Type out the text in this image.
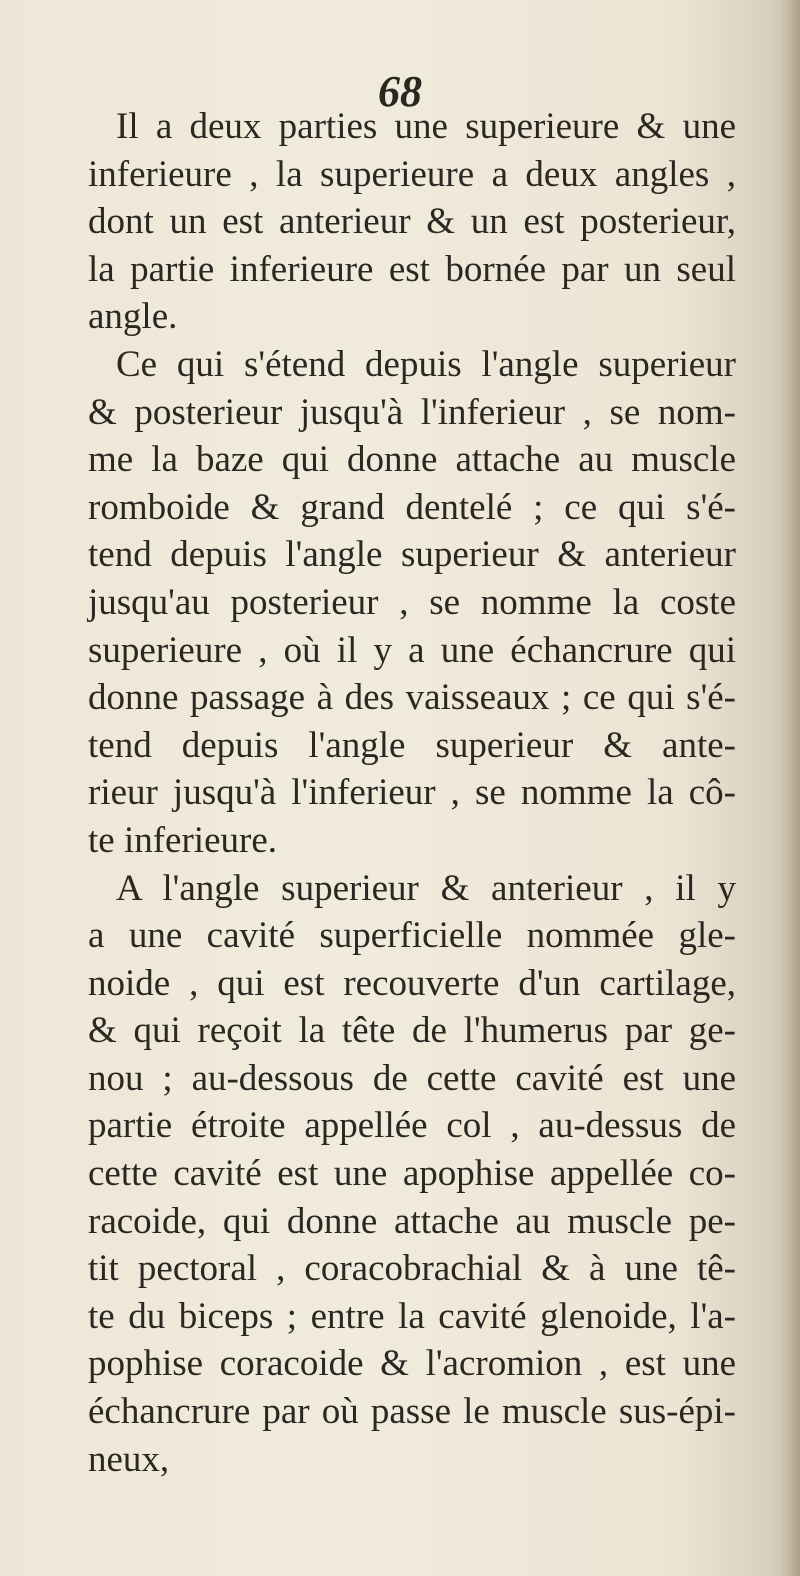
68
Il a deux parties une superieure & une
inferieure , la superieure a deux angles ,
dont un est anterieur & un est posterieur,
la partie inferieure est bornée par un seul
angle.
Ce qui s'étend depuis l'angle superieur
& posterieur jusqu'à l'inferieur , se nom-
me la baze qui donne attache au muscle
romboide & grand dentelé ; ce qui s'é-
tend depuis l'angle superieur & anterieur
jusqu'au posterieur , se nomme la coste
superieure , où il y a une échancrure qui
donne passage à des vaisseaux ; ce qui s'é-
tend depuis l'angle superieur & ante-
rieur jusqu'à l'inferieur , se nomme la cô-
te inferieure.
A l'angle superieur & anterieur , il y
a une cavité superficielle nommée gle-
noide , qui est recouverte d'un cartilage,
& qui reçoit la tête de l'humerus par ge-
nou ; au-dessous de cette cavité est une
partie étroite appellée col , au-dessus de
cette cavité est une apophise appellée co-
racoide, qui donne attache au muscle pe-
tit pectoral , coracobrachial & à une tê-
te du biceps ; entre la cavité glenoide, l'a-
pophise coracoide & l'acromion , est une
échancrure par où passe le muscle sus-épi-
neux,
